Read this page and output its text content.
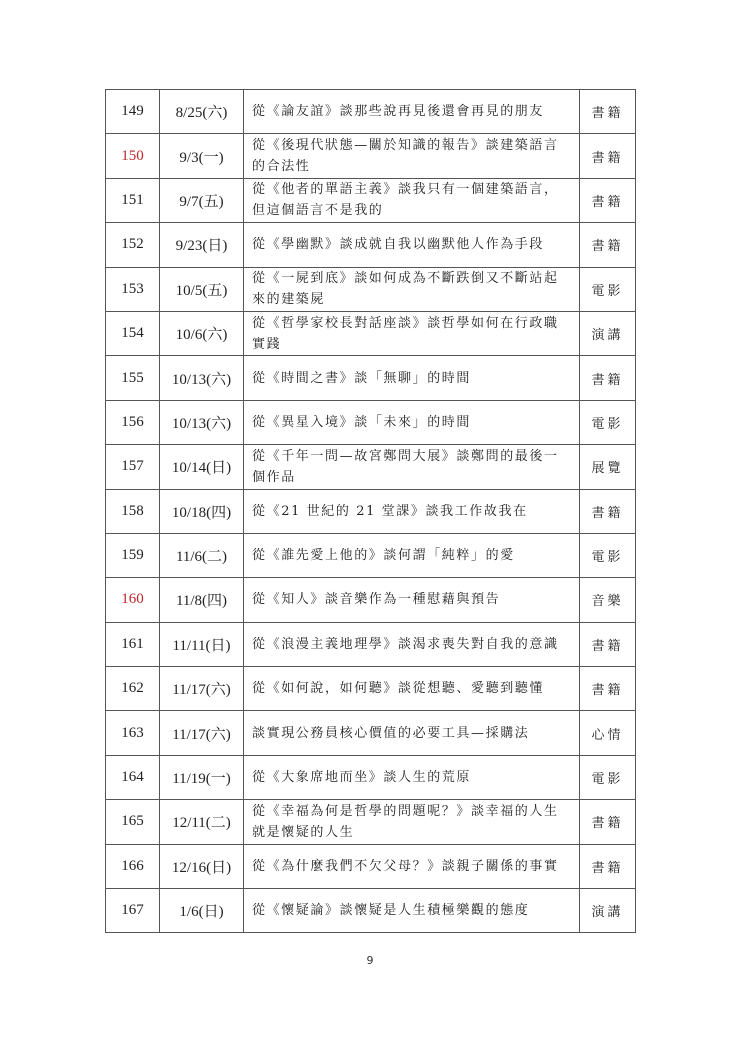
149	8/25(六)	從《論友誼》談那些說再見後還會再見的朋友	書籍
150	9/3(一)	從《後現代狀態—關於知識的報告》談建築語言的合法性	書籍
151	9/7(五)	從《他者的單語主義》談我只有一個建築語言，但這個語言不是我的	書籍
152	9/23(日)	從《學幽默》談成就自我以幽默他人作為手段	書籍
153	10/5(五)	從《一屍到底》談如何成為不斷跌倒又不斷站起來的建築屍	電影
154	10/6(六)	從《哲學家校長對話座談》談哲學如何在行政職實踐	演講
155	10/13(六)	從《時間之書》談「無聊」的時間	書籍
156	10/13(六)	從《異星入境》談「未來」的時間	電影
157	10/14(日)	從《千年一問—故宮鄭問大展》談鄭問的最後一個作品	展覽
158	10/18(四)	從《21 世紀的 21 堂課》談我工作故我在	書籍
159	11/6(二)	從《誰先愛上他的》談何謂「純粹」的愛	電影
160	11/8(四)	從《知人》談音樂作為一種慰藉與預告	音樂
161	11/11(日)	從《浪漫主義地理學》談渴求喪失對自我的意識	書籍
162	11/17(六)	從《如何說，如何聽》談從想聽、愛聽到聽懂	書籍
163	11/17(六)	談實現公務員核心價值的必要工具—採購法	心情
164	11/19(一)	從《大象席地而坐》談人生的荒原	電影
165	12/11(二)	從《幸福為何是哲學的問題呢？》談幸福的人生就是懷疑的人生	書籍
166	12/16(日)	從《為什麼我們不欠父母？》談親子關係的事實	書籍
167	1/6(日)	從《懷疑論》談懷疑是人生積極樂觀的態度	演講
9
